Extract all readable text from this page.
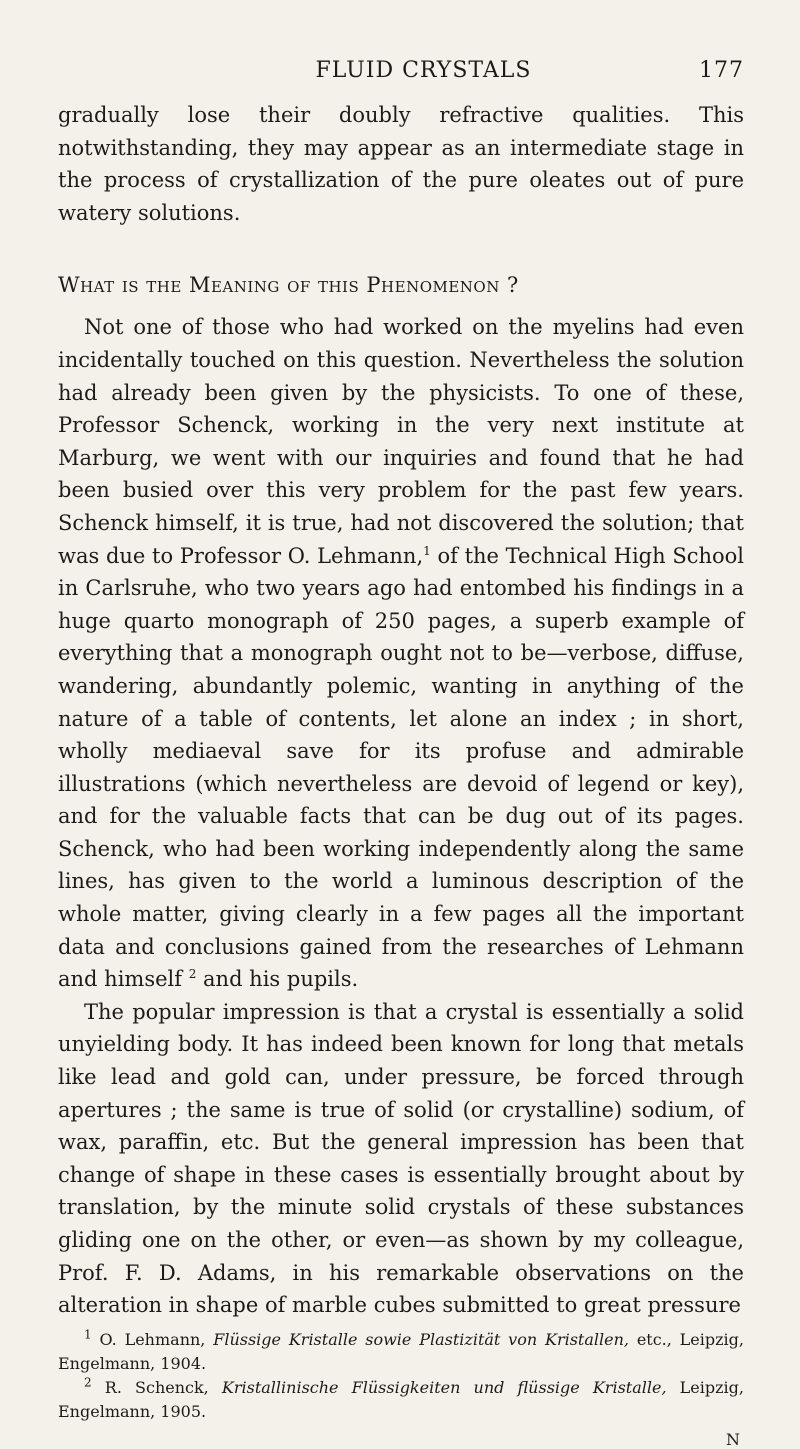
FLUID CRYSTALS	177

gradually lose their doubly refractive qualities. This notwithstanding, they may appear as an intermediate stage in the process of crystallization of the pure oleates out of pure watery solutions.

What is the Meaning of this Phenomenon ?

Not one of those who had worked on the myelins had even incidentally touched on this question. Nevertheless the solution had already been given by the physicists. To one of these, Professor Schenck, working in the very next institute at Marburg, we went with our inquiries and found that he had been busied over this very problem for the past few years. Schenck himself, it is true, had not discovered the solution; that was due to Professor O. Lehmann,$^1$ of the Technical High School in Carlsruhe, who two years ago had entombed his findings in a huge quarto monograph of 250 pages, a superb example of everything that a monograph ought not to be—verbose, diffuse, wandering, abundantly polemic, wanting in anything of the nature of a table of contents, let alone an index ; in short, wholly mediaeval save for its profuse and admirable illustrations (which nevertheless are devoid of legend or key), and for the valuable facts that can be dug out of its pages. Schenck, who had been working independently along the same lines, has given to the world a luminous description of the whole matter, giving clearly in a few pages all the important data and conclusions gained from the researches of Lehmann and himself $^2$ and his pupils.

The popular impression is that a crystal is essentially a solid unyielding body. It has indeed been known for long that metals like lead and gold can, under pressure, be forced through apertures ; the same is true of solid (or crystalline) sodium, of wax, paraffin, etc. But the general impression has been that change of shape in these cases is essentially brought about by translation, by the minute solid crystals of these substances gliding one on the other, or even—as shown by my colleague, Prof. F. D. Adams, in his remarkable observations on the alteration in shape of marble cubes submitted to great pressure

$^1$ O. Lehmann, Flüssige Kristalle sowie Plastizität von Kristallen, etc., Leipzig, Engelmann, 1904.

$^2$ R. Schenck, Kristallinische Flüssigkeiten und flüssige Kristalle, Leipzig, Engelmann, 1905.

N
